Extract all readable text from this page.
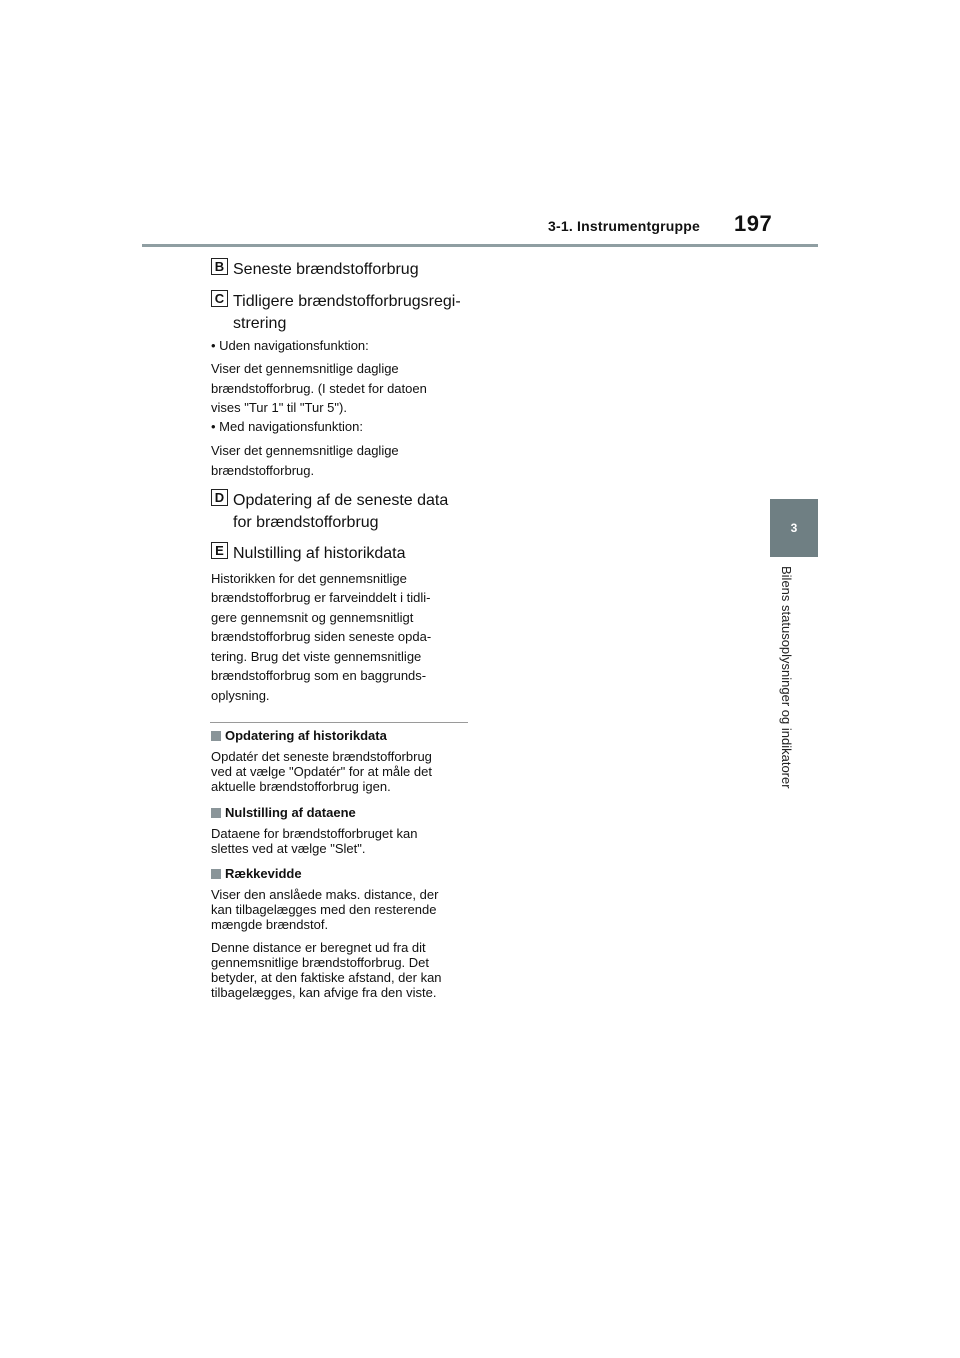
3-1. Instrumentgruppe 197
3
Bilens statusoplysninger og indikatorer
B Seneste brændstofforbrug
C Tidligere brændstofforbrugsregi-
strering
• Uden navigationsfunktion:
Viser det gennemsnitlige daglige
brændstofforbrug. (I stedet for datoen
vises "Tur 1" til "Tur 5").
• Med navigationsfunktion:
Viser det gennemsnitlige daglige
brændstofforbrug.
D Opdatering af de seneste data
for brændstofforbrug
E Nulstilling af historikdata
Historikken for det gennemsnitlige
brændstofforbrug er farveinddelt i tidli-
gere gennemsnit og gennemsnitligt
brændstofforbrug siden seneste opda-
tering. Brug det viste gennemsnitlige
brændstofforbrug som en baggrunds-
oplysning.
Opdatering af historikdata
Opdatér det seneste brændstofforbrug
ved at vælge "Opdatér" for at måle det
aktuelle brændstofforbrug igen.
Nulstilling af dataene
Dataene for brændstofforbruget kan
slettes ved at vælge "Slet".
Rækkevidde
Viser den anslåede maks. distance, der
kan tilbagelægges med den resterende
mængde brændstof.
Denne distance er beregnet ud fra dit
gennemsnitlige brændstofforbrug. Det
betyder, at den faktiske afstand, der kan
tilbagelægges, kan afvige fra den viste.
